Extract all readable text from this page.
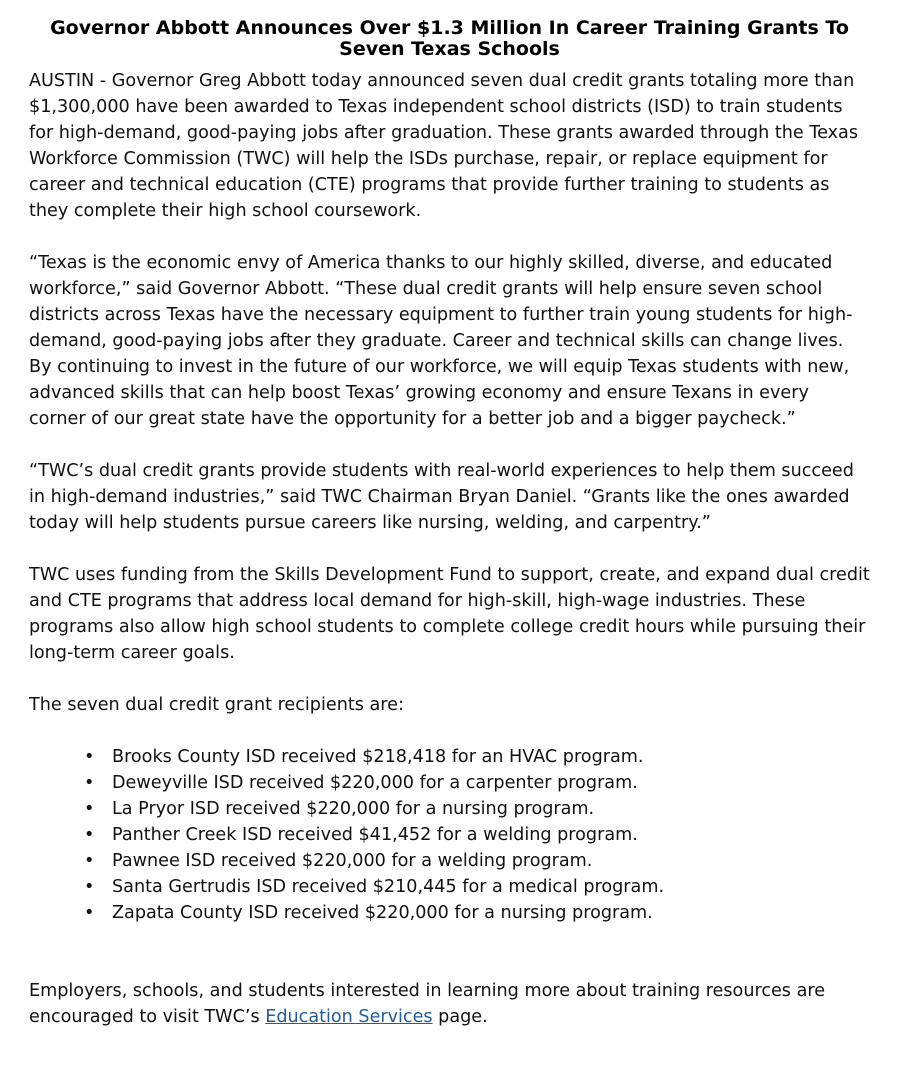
Governor Abbott Announces Over $1.3 Million In Career Training Grants To Seven Texas Schools

AUSTIN - Governor Greg Abbott today announced seven dual credit grants totaling more than $1,300,000 have been awarded to Texas independent school districts (ISD) to train students for high-demand, good-paying jobs after graduation. These grants awarded through the Texas Workforce Commission (TWC) will help the ISDs purchase, repair, or replace equipment for career and technical education (CTE) programs that provide further training to students as they complete their high school coursework.

“Texas is the economic envy of America thanks to our highly skilled, diverse, and educated workforce,” said Governor Abbott. “These dual credit grants will help ensure seven school districts across Texas have the necessary equipment to further train young students for high-demand, good-paying jobs after they graduate. Career and technical skills can change lives. By continuing to invest in the future of our workforce, we will equip Texas students with new, advanced skills that can help boost Texas’ growing economy and ensure Texans in every corner of our great state have the opportunity for a better job and a bigger paycheck.”

“TWC’s dual credit grants provide students with real-world experiences to help them succeed in high-demand industries,” said TWC Chairman Bryan Daniel. “Grants like the ones awarded today will help students pursue careers like nursing, welding, and carpentry.”

TWC uses funding from the Skills Development Fund to support, create, and expand dual credit and CTE programs that address local demand for high-skill, high-wage industries. These programs also allow high school students to complete college credit hours while pursuing their long-term career goals.

The seven dual credit grant recipients are:

• Brooks County ISD received $218,418 for an HVAC program.
• Deweyville ISD received $220,000 for a carpenter program.
• La Pryor ISD received $220,000 for a nursing program.
• Panther Creek ISD received $41,452 for a welding program.
• Pawnee ISD received $220,000 for a welding program.
• Santa Gertrudis ISD received $210,445 for a medical program.
• Zapata County ISD received $220,000 for a nursing program.

Employers, schools, and students interested in learning more about training resources are encouraged to visit TWC’s Education Services page.
